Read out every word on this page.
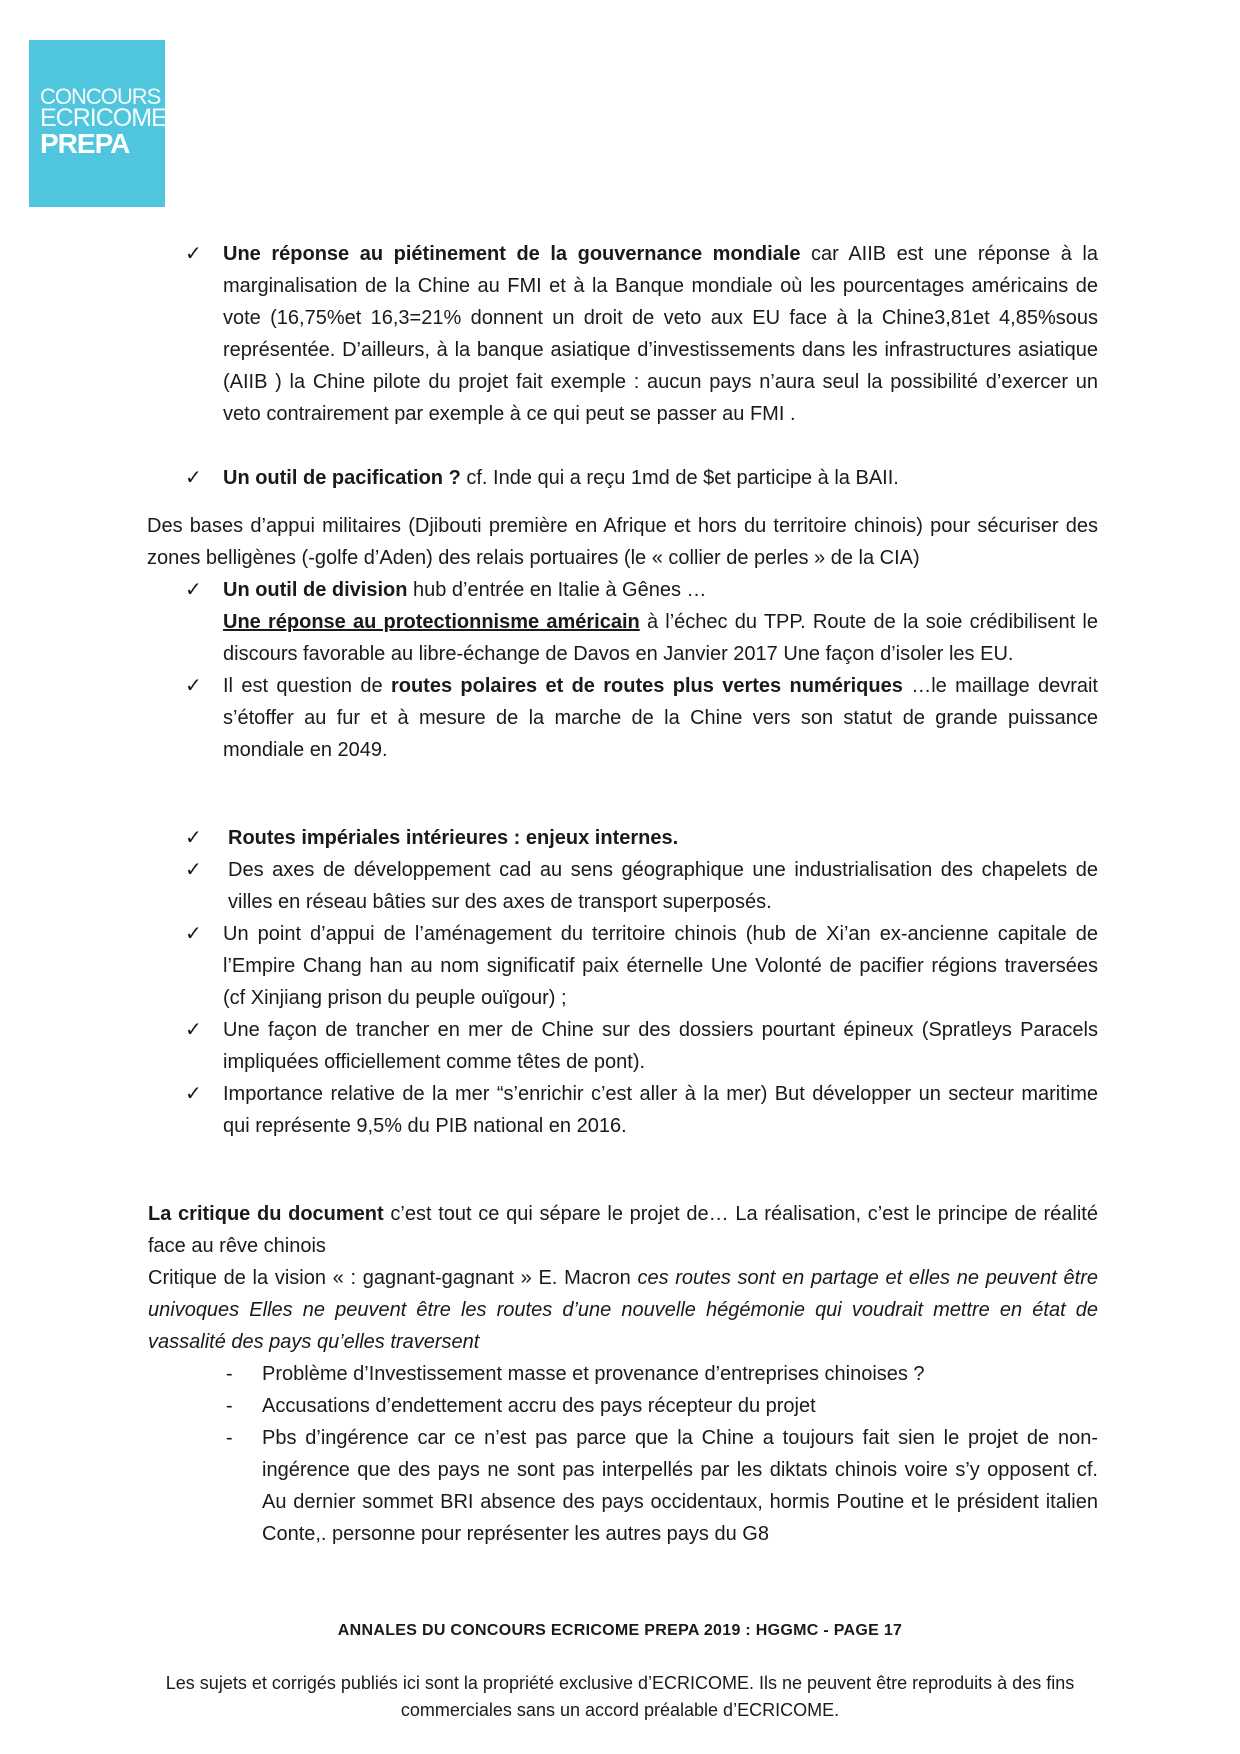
CONCOURS
ECRICOME
PREPA
✓ Une réponse au piétinement de la gouvernance mondiale car AIIB est une réponse à la marginalisation de la Chine au FMI et à la Banque mondiale où les pourcentages américains de vote (16,75%et 16,3=21% donnent un droit de veto aux EU face à la Chine3,81et 4,85%sous représentée. D’ailleurs, à la banque asiatique d’investissements dans les infrastructures asiatique (AIIB ) la Chine pilote du projet fait exemple : aucun pays n’aura seul la possibilité d’exercer un veto contrairement par exemple à ce qui peut se passer au FMI .
✓ Un outil de pacification ? cf. Inde qui a reçu 1md de $et participe à la BAII.
Des bases d’appui militaires (Djibouti première en Afrique et hors du territoire chinois) pour sécuriser des zones belligènes (-golfe d’Aden) des relais portuaires (le « collier de perles » de la CIA)
✓ Un outil de division hub d’entrée en Italie à Gênes …
Une réponse au protectionnisme américain à l’échec du TPP. Route de la soie crédibilisent le discours favorable au libre-échange de Davos en Janvier 2017 Une façon d’isoler les EU.
✓ Il est question de routes polaires et de routes plus vertes numériques …le maillage devrait s’étoffer au fur et à mesure de la marche de la Chine vers son statut de grande puissance mondiale en 2049.
✓ Routes impériales intérieures : enjeux internes.
✓ Des axes de développement cad au sens géographique une industrialisation des chapelets de villes en réseau bâties sur des axes de transport superposés.
✓ Un point d’appui de l’aménagement du territoire chinois (hub de Xi’an ex-ancienne capitale de l’Empire Chang han au nom significatif paix éternelle Une Volonté de pacifier régions traversées (cf Xinjiang prison du peuple ouïgour) ;
✓ Une façon de trancher en mer de Chine sur des dossiers pourtant épineux (Spratleys Paracels impliquées officiellement comme têtes de pont).
✓ Importance relative de la mer “s’enrichir c’est aller à la mer) But développer un secteur maritime qui représente 9,5% du PIB national en 2016.
La critique du document c’est tout ce qui sépare le projet de… La réalisation, c’est le principe de réalité face au rêve chinois
Critique de la vision « : gagnant-gagnant » E. Macron ces routes sont en partage et elles ne peuvent être univoques Elles ne peuvent être les routes d’une nouvelle hégémonie qui voudrait mettre en état de vassalité des pays qu’elles traversent
- Problème d’Investissement masse et provenance d’entreprises chinoises ?
- Accusations d’endettement accru des pays récepteur du projet
- Pbs d’ingérence car ce n’est pas parce que la Chine a toujours fait sien le projet de non-ingérence que des pays ne sont pas interpellés par les diktats chinois voire s’y opposent cf. Au dernier sommet BRI absence des pays occidentaux, hormis Poutine et le président italien Conte,. personne pour représenter les autres pays du G8
ANNALES DU CONCOURS ECRICOME PREPA 2019 : HGGMC - PAGE 17
Les sujets et corrigés publiés ici sont la propriété exclusive d’ECRICOME. Ils ne peuvent être reproduits à des fins commerciales sans un accord préalable d’ECRICOME.
